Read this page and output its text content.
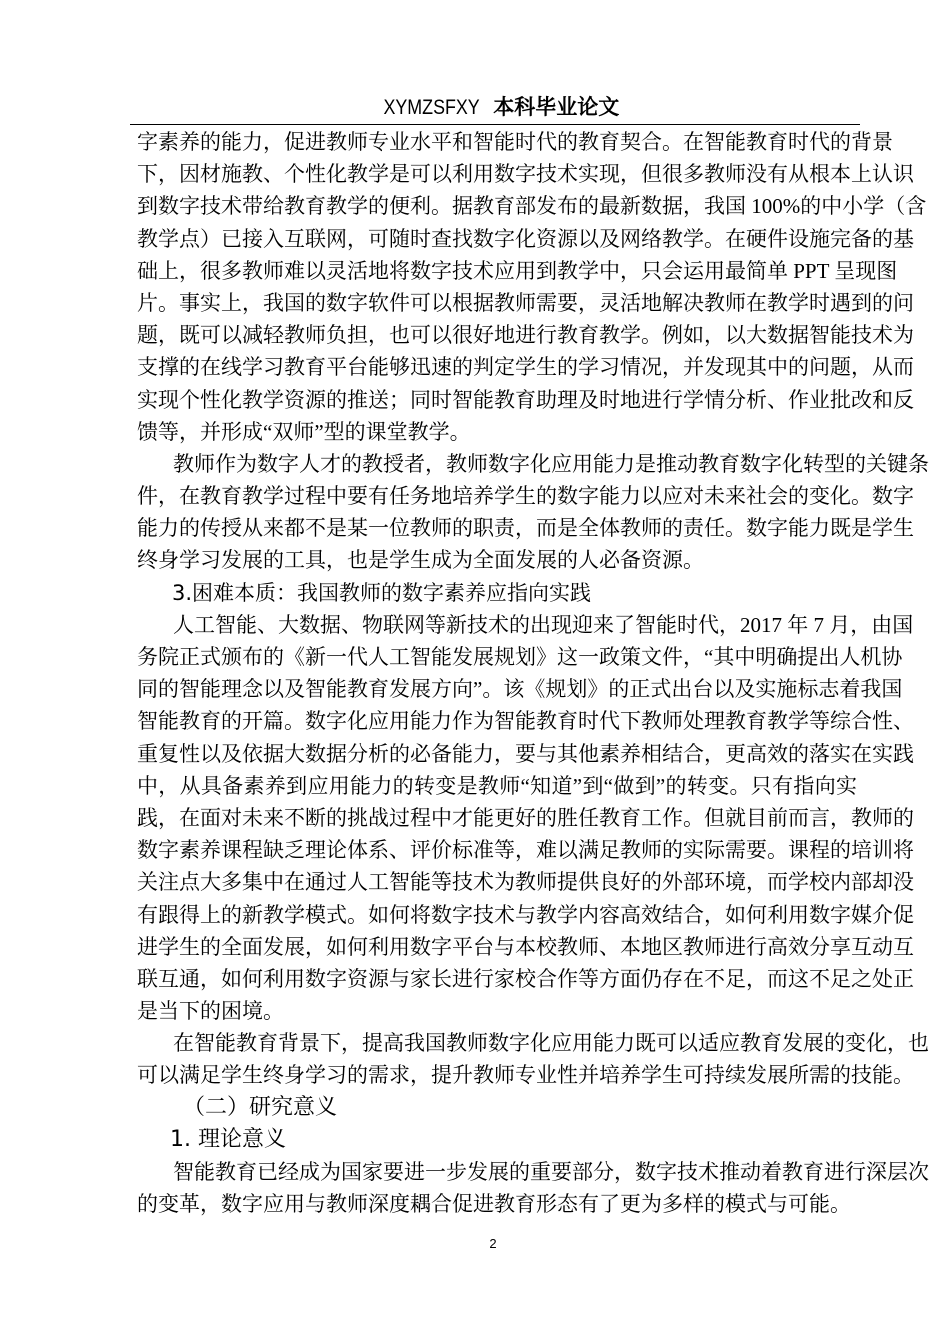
XYMZSFXY 本科毕业论文
字素养的能力，促进教师专业水平和智能时代的教育契合。在智能教育时代的背景
下，因材施教、个性化教学是可以利用数字技术实现，但很多教师没有从根本上认识
到数字技术带给教育教学的便利。据教育部发布的最新数据，我国 100%的中小学（含
教学点）已接入互联网，可随时查找数字化资源以及网络教学。在硬件设施完备的基
础上，很多教师难以灵活地将数字技术应用到教学中，只会运用最简单 PPT 呈现图
片。事实上，我国的数字软件可以根据教师需要，灵活地解决教师在教学时遇到的问
题，既可以减轻教师负担，也可以很好地进行教育教学。例如，以大数据智能技术为
支撑的在线学习教育平台能够迅速的判定学生的学习情况，并发现其中的问题，从而
实现个性化教学资源的推送；同时智能教育助理及时地进行学情分析、作业批改和反
馈等，并形成“双师”型的课堂教学。
教师作为数字人才的教授者，教师数字化应用能力是推动教育数字化转型的关键条
件，在教育教学过程中要有任务地培养学生的数字能力以应对未来社会的变化。数字
能力的传授从来都不是某一位教师的职责，而是全体教师的责任。数字能力既是学生
终身学习发展的工具，也是学生成为全面发展的人必备资源。
3.困难本质：我国教师的数字素养应指向实践
人工智能、大数据、物联网等新技术的出现迎来了智能时代，2017 年 7 月，由国
务院正式颁布的《新一代人工智能发展规划》这一政策文件，“其中明确提出人机协
同的智能理念以及智能教育发展方向”。该《规划》的正式出台以及实施标志着我国
智能教育的开篇。数字化应用能力作为智能教育时代下教师处理教育教学等综合性、
重复性以及依据大数据分析的必备能力，要与其他素养相结合，更高效的落实在实践
中，从具备素养到应用能力的转变是教师“知道”到“做到”的转变。只有指向实
践，在面对未来不断的挑战过程中才能更好的胜任教育工作。但就目前而言，教师的
数字素养课程缺乏理论体系、评价标准等，难以满足教师的实际需要。课程的培训将
关注点大多集中在通过人工智能等技术为教师提供良好的外部环境，而学校内部却没
有跟得上的新教学模式。如何将数字技术与教学内容高效结合，如何利用数字媒介促
进学生的全面发展，如何利用数字平台与本校教师、本地区教师进行高效分享互动互
联互通，如何利用数字资源与家长进行家校合作等方面仍存在不足，而这不足之处正
是当下的困境。
在智能教育背景下，提高我国教师数字化应用能力既可以适应教育发展的变化，也
可以满足学生终身学习的需求，提升教师专业性并培养学生可持续发展所需的技能。
（二）研究意义
1. 理论意义
智能教育已经成为国家要进一步发展的重要部分，数字技术推动着教育进行深层次
的变革，数字应用与教师深度耦合促进教育形态有了更为多样的模式与可能。
2
